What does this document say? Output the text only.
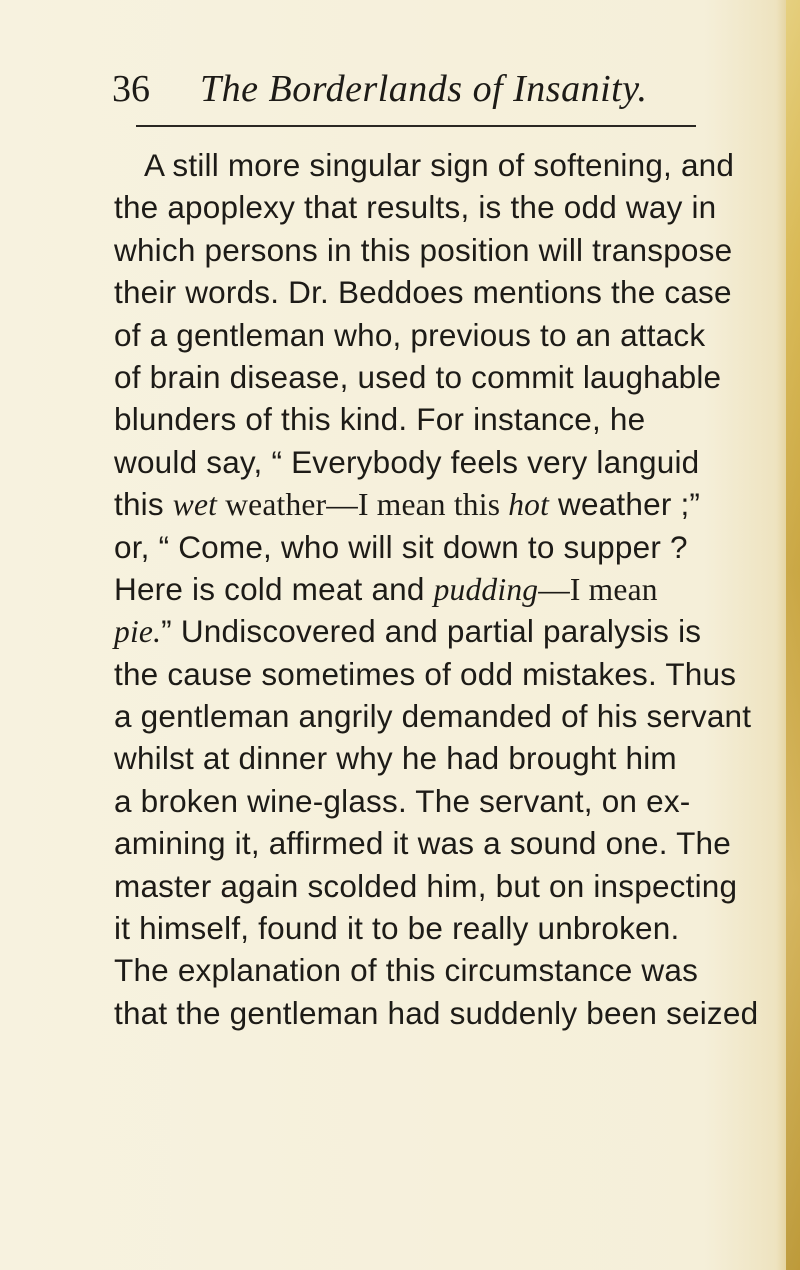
36 The Borderlands of Insanity.
A still more singular sign of softening, and
the apoplexy that results, is the odd way in
which persons in this position will transpose
their words. Dr. Beddoes mentions the case
of a gentleman who, previous to an attack
of brain disease, used to commit laughable
blunders of this kind. For instance, he
would say, “ Everybody feels very languid
this wet weather—I mean this hot weather ;”
or, “ Come, who will sit down to supper ?
Here is cold meat and pudding—I mean
pie.” Undiscovered and partial paralysis is
the cause sometimes of odd mistakes. Thus
a gentleman angrily demanded of his servant
whilst at dinner why he had brought him
a broken wine-glass. The servant, on ex-
amining it, affirmed it was a sound one. The
master again scolded him, but on inspecting
it himself, found it to be really unbroken.
The explanation of this circumstance was
that the gentleman had suddenly been seized
